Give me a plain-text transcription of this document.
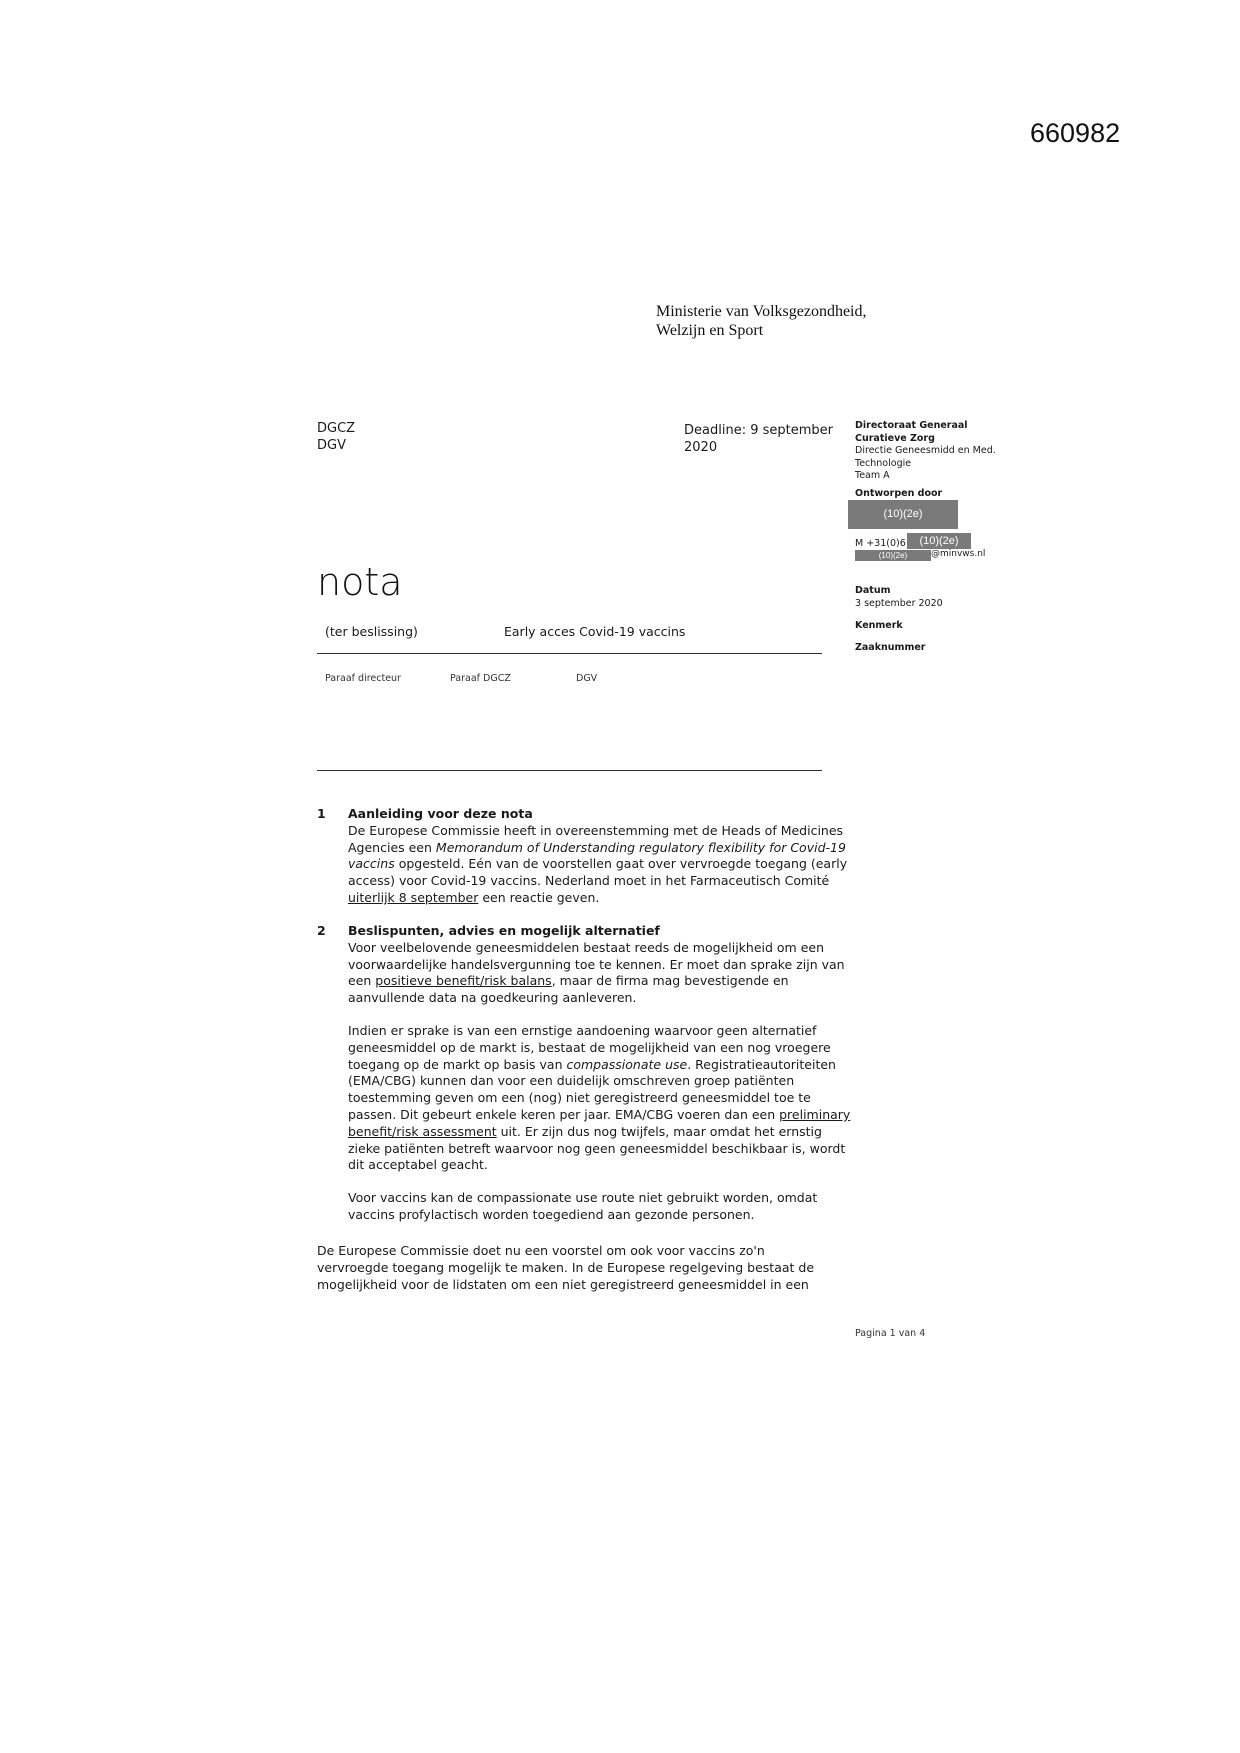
660982
Ministerie van Volksgezondheid,
Welzijn en Sport
DGCZ
DGV
Deadline: 9 september
2020
Directoraat Generaal
Curatieve Zorg
Directie Geneesmidd en Med.
Technologie
Team A
Ontworpen door
(10)(2e)
M +31(0)6	(10)(2e)
(10)(2e)	@minvws.nl
Datum
3 september 2020
Kenmerk
Zaaknummer
nota
(ter beslissing)	Early acces Covid-19 vaccins
Paraaf directeur	Paraaf DGCZ	DGV
1 Aanleiding voor deze nota

De Europese Commissie heeft in overeenstemming met de Heads of Medicines Agencies een Memorandum of Understanding regulatory flexibility for Covid-19 vaccins opgesteld. Eén van de voorstellen gaat over vervroegde toegang (early access) voor Covid-19 vaccins. Nederland moet in het Farmaceutisch Comité uiterlijk 8 september een reactie geven.

2 Beslispunten, advies en mogelijk alternatief

Voor veelbelovende geneesmiddelen bestaat reeds de mogelijkheid om een voorwaardelijke handelsvergunning toe te kennen. Er moet dan sprake zijn van een positieve benefit/risk balans, maar de firma mag bevestigende en aanvullende data na goedkeuring aanleveren.

Indien er sprake is van een ernstige aandoening waarvoor geen alternatief geneesmiddel op de markt is, bestaat de mogelijkheid van een nog vroegere toegang op de markt op basis van compassionate use. Registratieautoriteiten (EMA/CBG) kunnen dan voor een duidelijk omschreven groep patiënten toestemming geven om een (nog) niet geregistreerd geneesmiddel toe te passen. Dit gebeurt enkele keren per jaar. EMA/CBG voeren dan een preliminary benefit/risk assessment uit. Er zijn dus nog twijfels, maar omdat het ernstig zieke patiënten betreft waarvoor nog geen geneesmiddel beschikbaar is, wordt dit acceptabel geacht.

Voor vaccins kan de compassionate use route niet gebruikt worden, omdat vaccins profylactisch worden toegediend aan gezonde personen.

De Europese Commissie doet nu een voorstel om ook voor vaccins zo'n vervroegde toegang mogelijk te maken. In de Europese regelgeving bestaat de mogelijkheid voor de lidstaten om een niet geregistreerd geneesmiddel in een
Pagina 1 van 4
